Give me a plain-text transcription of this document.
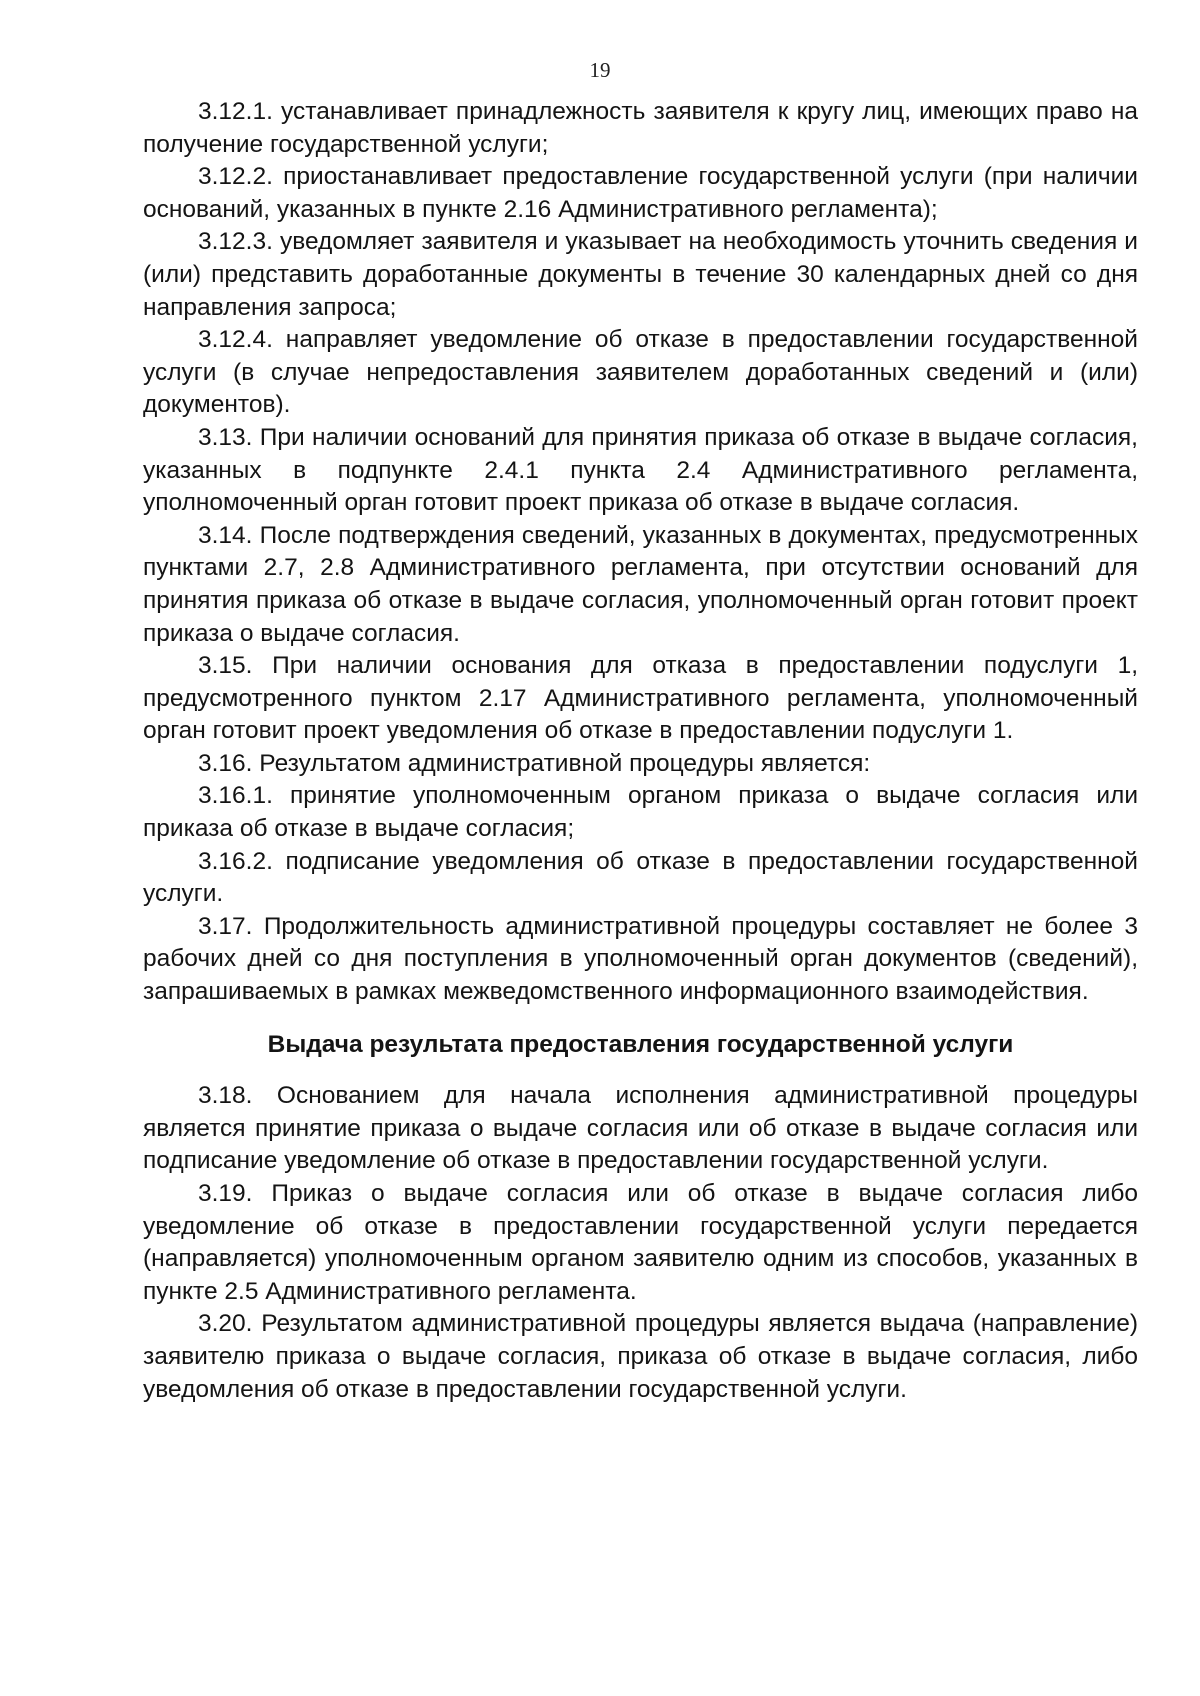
19

3.12.1. устанавливает принадлежность заявителя к кругу лиц, имеющих право на получение государственной услуги;

3.12.2. приостанавливает предоставление государственной услуги (при наличии оснований, указанных в пункте 2.16 Административного регламента);

3.12.3. уведомляет заявителя и указывает на необходимость уточнить сведения и (или) представить доработанные документы в течение 30 календарных дней со дня направления запроса;

3.12.4. направляет уведомление об отказе в предоставлении государственной услуги (в случае непредоставления заявителем доработанных сведений и (или) документов).

3.13. При наличии оснований для принятия приказа об отказе в выдаче согласия, указанных в подпункте 2.4.1 пункта 2.4 Административного регламента, уполномоченный орган готовит проект приказа об отказе в выдаче согласия.

3.14. После подтверждения сведений, указанных в документах, предусмотренных пунктами 2.7, 2.8 Административного регламента, при отсутствии оснований для принятия приказа об отказе в выдаче согласия, уполномоченный орган готовит проект приказа о выдаче согласия.

3.15. При наличии основания для отказа в предоставлении подуслуги 1, предусмотренного пунктом 2.17 Административного регламента, уполномоченный орган готовит проект уведомления об отказе в предоставлении подуслуги 1.

3.16. Результатом административной процедуры является:

3.16.1. принятие уполномоченным органом приказа о выдаче согласия или приказа об отказе в выдаче согласия;

3.16.2. подписание уведомления об отказе в предоставлении государственной услуги.

3.17. Продолжительность административной процедуры составляет не более 3 рабочих дней со дня поступления в уполномоченный орган документов (сведений), запрашиваемых в рамках межведомственного информационного взаимодействия.

Выдача результата предоставления государственной услуги

3.18. Основанием для начала исполнения административной процедуры является принятие приказа о выдаче согласия или об отказе в выдаче согласия или подписание уведомление об отказе в предоставлении государственной услуги.

3.19. Приказ о выдаче согласия или об отказе в выдаче согласия либо уведомление об отказе в предоставлении государственной услуги передается (направляется) уполномоченным органом заявителю одним из способов, указанных в пункте 2.5 Административного регламента.

3.20. Результатом административной процедуры является выдача (направление) заявителю приказа о выдаче согласия, приказа об отказе в выдаче согласия, либо уведомления об отказе в предоставлении государственной услуги.
